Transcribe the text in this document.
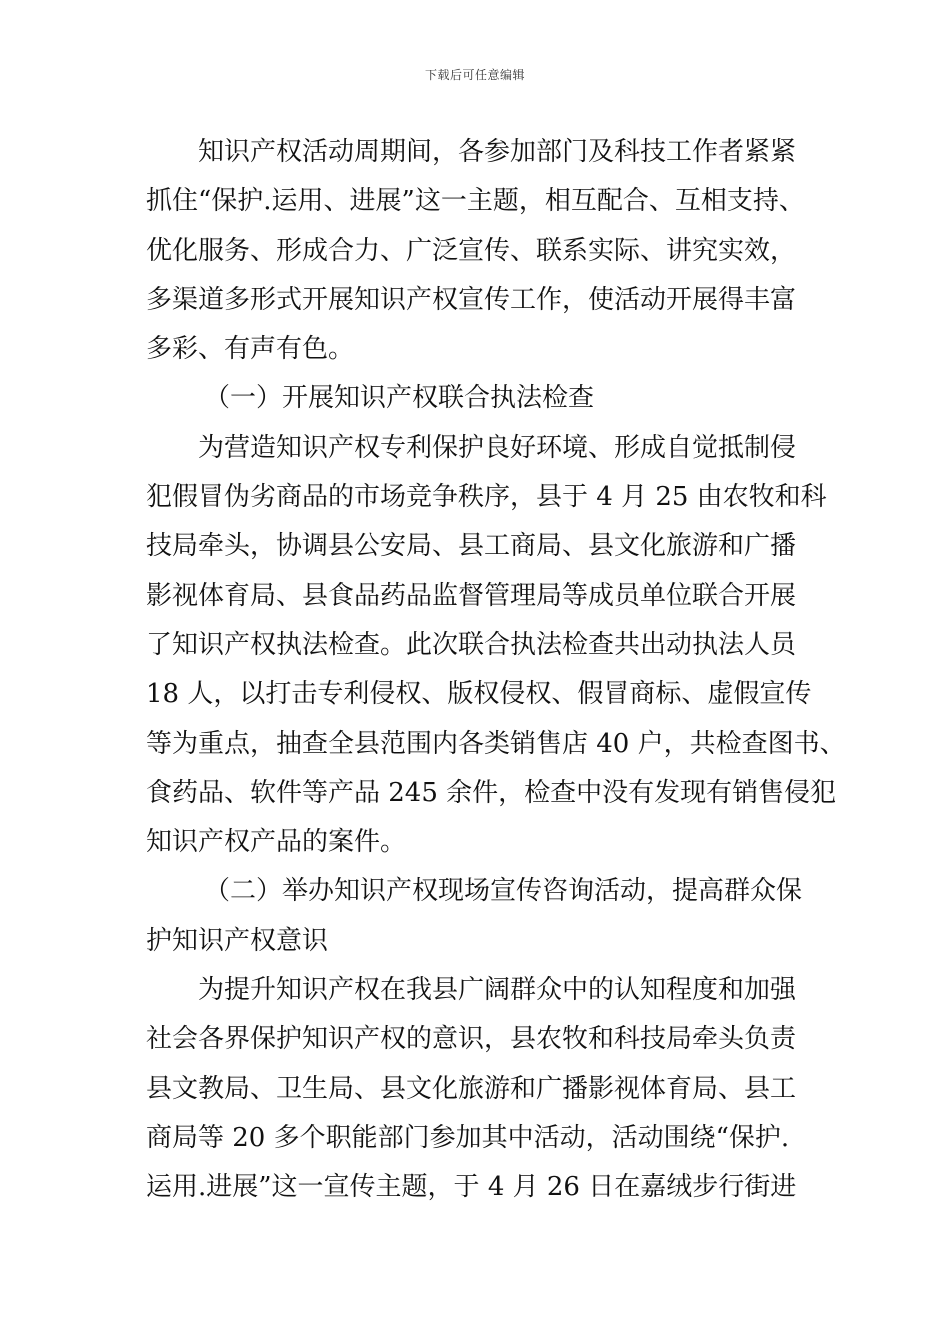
下载后可任意编辑
知识产权活动周期间，各参加部门及科技工作者紧紧
抓住“保护.运用、进展”这一主题，相互配合、互相支持、
优化服务、形成合力、广泛宣传、联系实际、讲究实效，
多渠道多形式开展知识产权宣传工作，使活动开展得丰富
多彩、有声有色。
（一）开展知识产权联合执法检查
为营造知识产权专利保护良好环境、形成自觉抵制侵
犯假冒伪劣商品的市场竞争秩序，县于 4 月 25 由农牧和科
技局牵头，协调县公安局、县工商局、县文化旅游和广播
影视体育局、县食品药品监督管理局等成员单位联合开展
了知识产权执法检查。此次联合执法检查共出动执法人员
18 人，以打击专利侵权、版权侵权、假冒商标、虚假宣传
等为重点，抽查全县范围内各类销售店 40 户，共检查图书、
食药品、软件等产品 245 余件，检查中没有发现有销售侵犯
知识产权产品的案件。
（二）举办知识产权现场宣传咨询活动，提高群众保
护知识产权意识
为提升知识产权在我县广阔群众中的认知程度和加强
社会各界保护知识产权的意识，县农牧和科技局牵头负责
县文教局、卫生局、县文化旅游和广播影视体育局、县工
商局等 20 多个职能部门参加其中活动，活动围绕“保护.
运用.进展”这一宣传主题，于 4 月 26 日在嘉绒步行街进
